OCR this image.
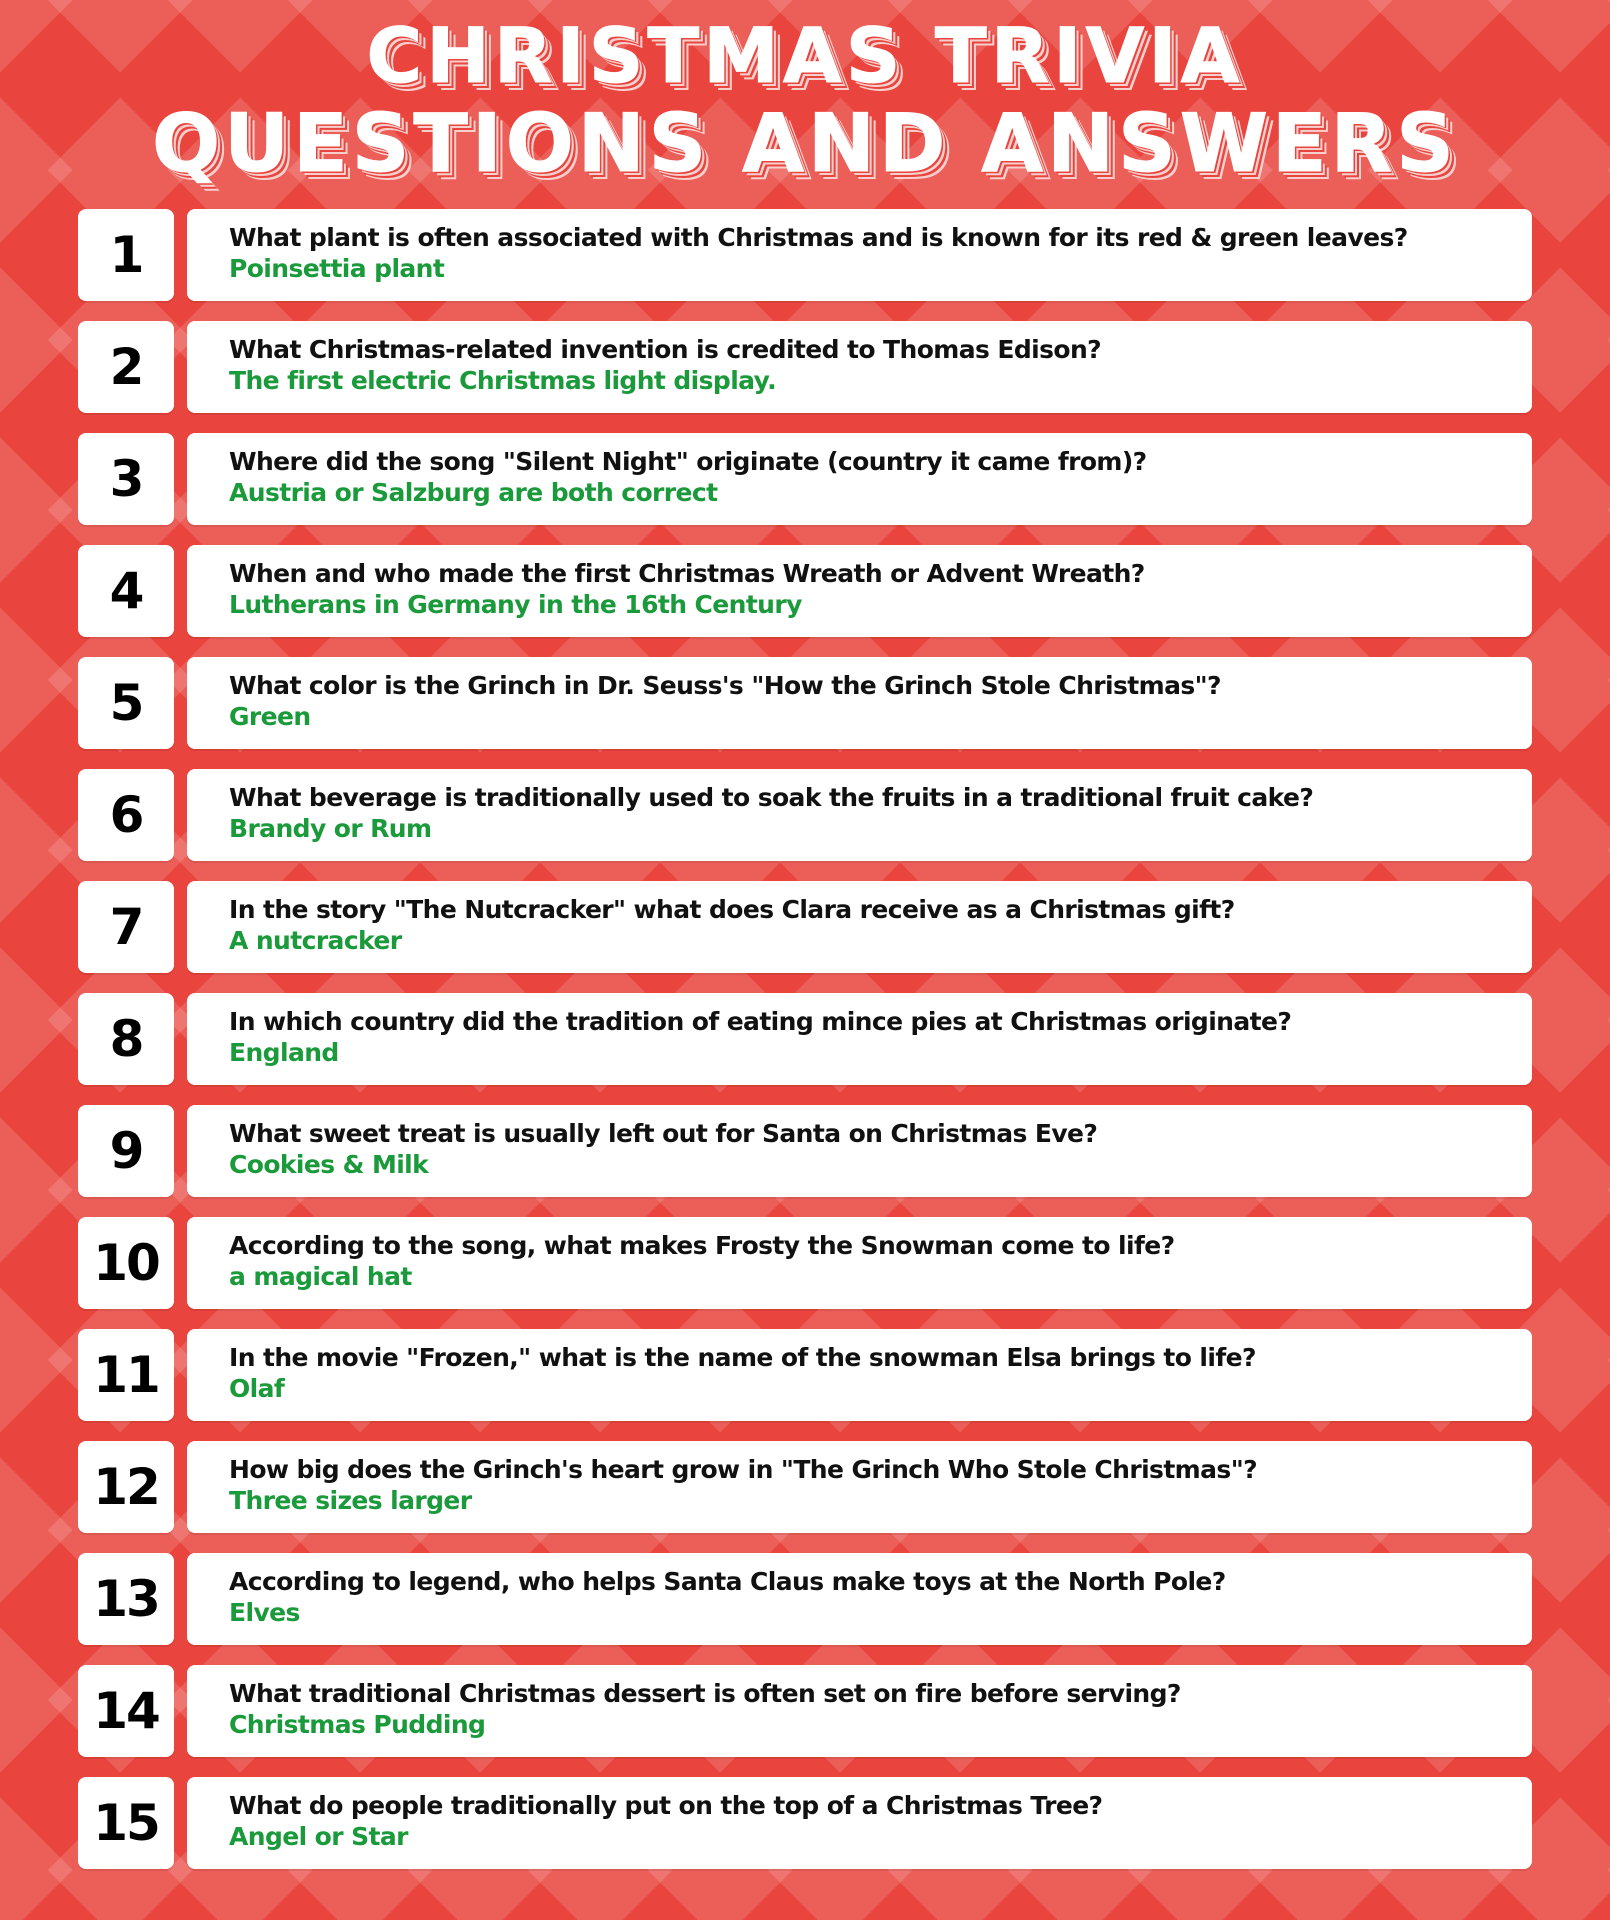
CHRISTMAS TRIVIA
QUESTIONS AND ANSWERS
1	What plant is often associated with Christmas and is known for its red & green leaves?
Poinsettia plant
2	What Christmas-related invention is credited to Thomas Edison?
The first electric Christmas light display.
3	Where did the song "Silent Night" originate (country it came from)?
Austria or Salzburg are both correct
4	When and who made the first Christmas Wreath or Advent Wreath?
Lutherans in Germany in the 16th Century
5	What color is the Grinch in Dr. Seuss's "How the Grinch Stole Christmas"?
Green
6	What beverage is traditionally used to soak the fruits in a traditional fruit cake?
Brandy or Rum
7	In the story "The Nutcracker" what does Clara receive as a Christmas gift?
A nutcracker
8	In which country did the tradition of eating mince pies at Christmas originate?
England
9	What sweet treat is usually left out for Santa on Christmas Eve?
Cookies & Milk
10	According to the song, what makes Frosty the Snowman come to life?
a magical hat
11	In the movie "Frozen," what is the name of the snowman Elsa brings to life?
Olaf
12	How big does the Grinch's heart grow in "The Grinch Who Stole Christmas"?
Three sizes larger
13	According to legend, who helps Santa Claus make toys at the North Pole?
Elves
14	What traditional Christmas dessert is often set on fire before serving?
Christmas Pudding
15	What do people traditionally put on the top of a Christmas Tree?
Angel or Star
